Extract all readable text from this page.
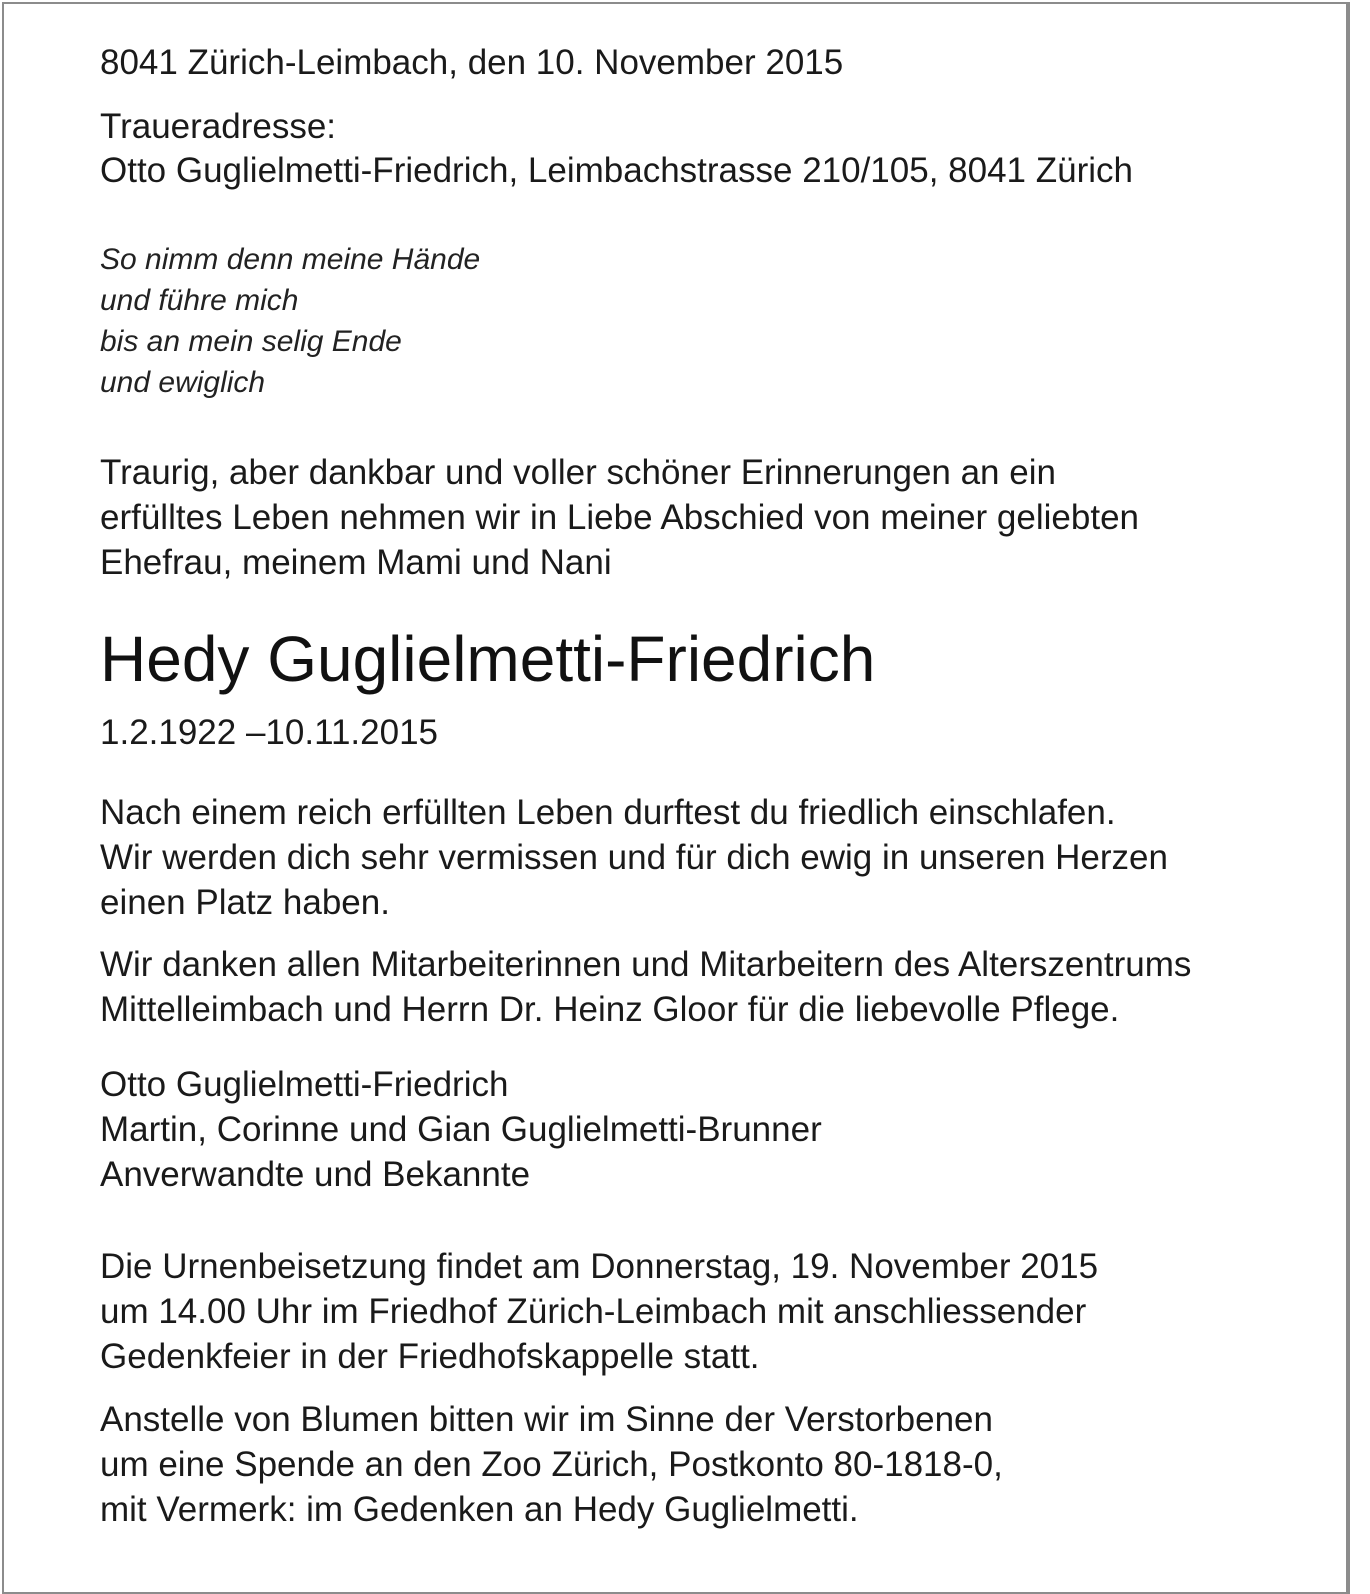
8041 Zürich-Leimbach, den 10. November 2015

Traueradresse:

Otto Guglielmetti-Friedrich, Leimbachstrasse 210/105, 8041 Zürich

So nimm denn meine Hände
und führe mich
bis an mein selig Ende
und ewiglich
Traurig, aber dankbar und voller schöner Erinnerungen an ein
erfülltes Leben nehmen wir in Liebe Abschied von meiner geliebten
Ehefrau, meinem Mami und Nani

Hedy Guglielmetti-Friedrich

1.2.1922 –10.11.2015

Nach einem reich erfüllten Leben durftest du friedlich einschlafen.
Wir werden dich sehr vermissen und für dich ewig in unseren Herzen
einen Platz haben.
Wir danken allen Mitarbeiterinnen und Mitarbeitern des Alterszentrums
Mittelleimbach und Herrn Dr. Heinz Gloor für die liebevolle Pflege.
Otto Guglielmetti-Friedrich
Martin, Corinne und Gian Guglielmetti-Brunner
Anverwandte und Bekannte
Die Urnenbeisetzung findet am Donnerstag, 19. November 2015
um 14.00 Uhr im Friedhof Zürich-Leimbach mit anschliessender
Gedenkfeier in der Friedhofskappelle statt.
Anstelle von Blumen bitten wir im Sinne der Verstorbenen
um eine Spende an den Zoo Zürich, Postkonto 80-1818-0,
mit Vermerk: im Gedenken an Hedy Guglielmetti.
